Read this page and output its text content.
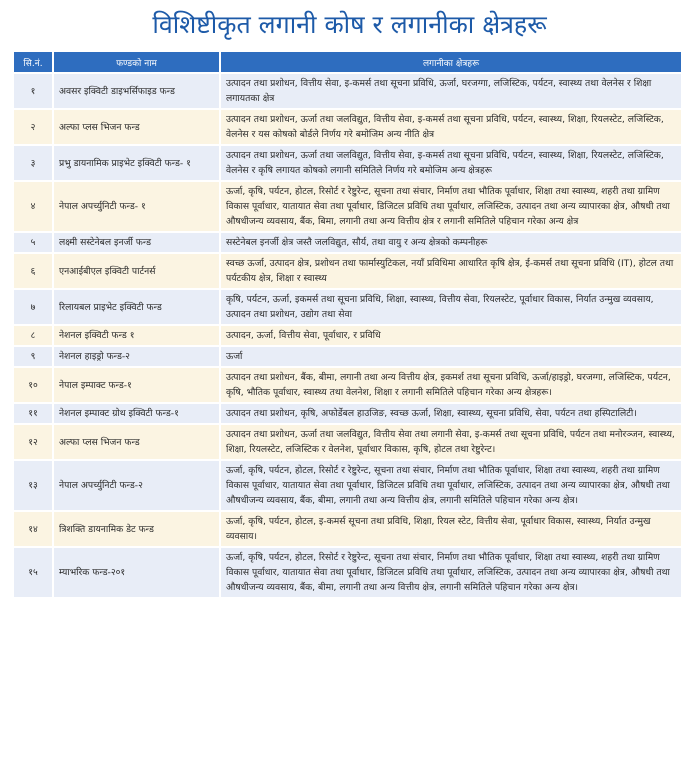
विशिष्टीकृत लगानी कोष र लगानीका क्षेत्रहरू
सि.नं.	फण्डको नाम	लगानीका क्षेत्रहरू
१	अवसर इक्विटी डाइभर्सिफाइड फन्ड	उत्पादन तथा प्रशोधन, वित्तीय सेवा, इ-कमर्स तथा सूचना प्रविधि, ऊर्जा, घरजग्गा, लजिस्टिक, पर्यटन, स्वास्थ्य तथा वेलनेस र शिक्षा लगायतका क्षेत्र
२	अल्फा प्लस भिजन फन्ड	उत्पादन तथा प्रशोधन, ऊर्जा तथा जलविद्युत, वित्तीय सेवा, इ-कमर्स तथा सूचना प्रविधि, पर्यटन, स्वास्थ्य, शिक्षा, रियलस्टेट, लजिस्टिक, वेलनेस र यस कोषको बोर्डले निर्णय गरे बमोजिम अन्य नीति क्षेत्र
३	प्रभु डायनामिक प्राइभेट इक्विटी फन्ड- १	उत्पादन तथा प्रशोधन, ऊर्जा तथा जलविद्युत, वित्तीय सेवा, इ-कमर्स तथा सूचना प्रविधि, पर्यटन, स्वास्थ्य, शिक्षा, रियलस्टेट, लजिस्टिक, वेलनेस र कृषि लगायत कोषको लगानी समितिले निर्णय गरे बमोजिम अन्य क्षेत्रहरू
४	नेपाल अपर्च्युनिटी फन्ड- १	ऊर्जा, कृषि, पर्यटन, होटल, रिसोर्ट र रेष्टुरेन्ट, सूचना तथा संचार, निर्माण तथा भौतिक पूर्वाधार, शिक्षा तथा स्वास्थ्य, शहरी तथा ग्रामिण विकास पूर्वाधार, यातायात सेवा तथा पूर्वाधार, डिजिटल प्रविधि तथा पूर्वाधार, लजिस्टिक, उत्पादन तथा अन्य व्यापारका क्षेत्र, औषधी तथा औषधीजन्य व्यवसाय, बैंक, बिमा, लगानी तथा अन्य वित्तीय क्षेत्र र लगानी समितिले पहिचान गरेका अन्य क्षेत्र
५	लक्ष्मी सस्टेनेबल इनर्जी फन्ड	सस्टेनेबल इनर्जी क्षेत्र जस्तै जलविद्युत, सौर्य, तथा वायु र अन्य क्षेत्रको कम्पनीहरू
६	एनआईबीएल इक्विटी पार्टनर्स	स्वच्छ ऊर्जा, उत्पादन क्षेत्र, प्रशोधन तथा फार्मास्युटिकल, नयाँ प्रविधिमा आधारित कृषि क्षेत्र, ई-कमर्स तथा सूचना प्रविधि (IT), होटल तथा पर्यटकीय क्षेत्र, शिक्षा र स्वास्थ्य
७	रिलायबल प्राइभेट इक्विटी फन्ड	कृषि, पर्यटन, ऊर्जा, इकमर्स तथा सूचना प्रविधि, शिक्षा, स्वास्थ्य, वित्तीय सेवा, रियलस्टेट, पूर्वाधार विकास, निर्यात उन्मुख व्यवसाय, उत्पादन तथा प्रशोधन, उद्योग तथा सेवा
८	नेशनल इक्विटी फन्ड १	उत्पादन, ऊर्जा, वित्तीय सेवा, पूर्वाधार, र प्रविधि
९	नेशनल हाइड्रो फन्ड-२	ऊर्जा
१०	नेपाल इम्पाक्ट फन्ड-१	उत्पादन तथा प्रशोधन, बैंक, बीमा, लगानी तथा अन्य वित्तीय क्षेत्र, इकमर्श तथा सूचना प्रविधि, ऊर्जा/हाइड्रो, घरजग्गा, लजिस्टिक, पर्यटन, कृषि, भौतिक पूर्वाधार, स्वास्थ्य तथा वेलनेश, शिक्षा र लगानी समितिले पहिचान गरेका अन्य क्षेत्रहरू।
११	नेशनल इम्पाक्ट ग्रोथ इक्विटी फन्ड-१	उत्पादन तथा प्रशोधन, कृषि, अफोर्डेबल हाउजिङ, स्वच्छ ऊर्जा, शिक्षा, स्वास्थ्य, सूचना प्रविधि, सेवा, पर्यटन तथा हस्पिटालिटी।
१२	अल्फा प्लस भिजन फन्ड	उत्पादन तथा प्रशोधन, ऊर्जा तथा जलविद्युत, वित्तीय सेवा तथा लगानी सेवा, इ-कमर्स तथा सूचना प्रविधि, पर्यटन तथा मनोरञ्जन, स्वास्थ्य, शिक्षा, रियलस्टेट, लजिस्टिक र वेलनेश, पूर्वाधार विकास, कृषि, होटल तथा रेष्टुरेन्ट।
१३	नेपाल अपर्च्युनिटी फन्ड-२	ऊर्जा, कृषि, पर्यटन, होटल, रिसोर्ट र रेष्टुरेन्ट, सूचना तथा संचार, निर्माण तथा भौतिक पूर्वाधार, शिक्षा तथा स्वास्थ्य, शहरी तथा ग्रामिण विकास पूर्वाधार, यातायात सेवा तथा पूर्वाधार, डिजिटल प्रविधि तथा पूर्वाधार, लजिस्टिक, उत्पादन तथा अन्य व्यापारका क्षेत्र, औषधी तथा औषधीजन्य व्यवसाय, बैंक, बीमा, लगानी तथा अन्य वित्तीय क्षेत्र, लगानी समितिले पहिचान गरेका अन्य क्षेत्र।
१४	त्रिशक्ति डायनामिक डेट फन्ड	ऊर्जा, कृषि, पर्यटन, होटल, इ-कमर्स सूचना तथा प्रविधि, शिक्षा, रियल स्टेट, वित्तीय सेवा, पूर्वाधार विकास, स्वास्थ्य, निर्यात उन्मुख व्यवसाय।
१५	म्याभरिक फन्ड-२०१	ऊर्जा, कृषि, पर्यटन, होटल, रिसोर्ट र रेष्टुरेन्ट, सूचना तथा संचार, निर्माण तथा भौतिक पूर्वाधार, शिक्षा तथा स्वास्थ्य, शहरी तथा ग्रामिण विकास पूर्वाधार, यातायात सेवा तथा पूर्वाधार, डिजिटल प्रविधि तथा पूर्वाधार, लजिस्टिक, उत्पादन तथा अन्य व्यापारका क्षेत्र, औषधी तथा औषधीजन्य व्यवसाय, बैंक, बीमा, लगानी तथा अन्य वित्तीय क्षेत्र, लगानी समितिले पहिचान गरेका अन्य क्षेत्र।
